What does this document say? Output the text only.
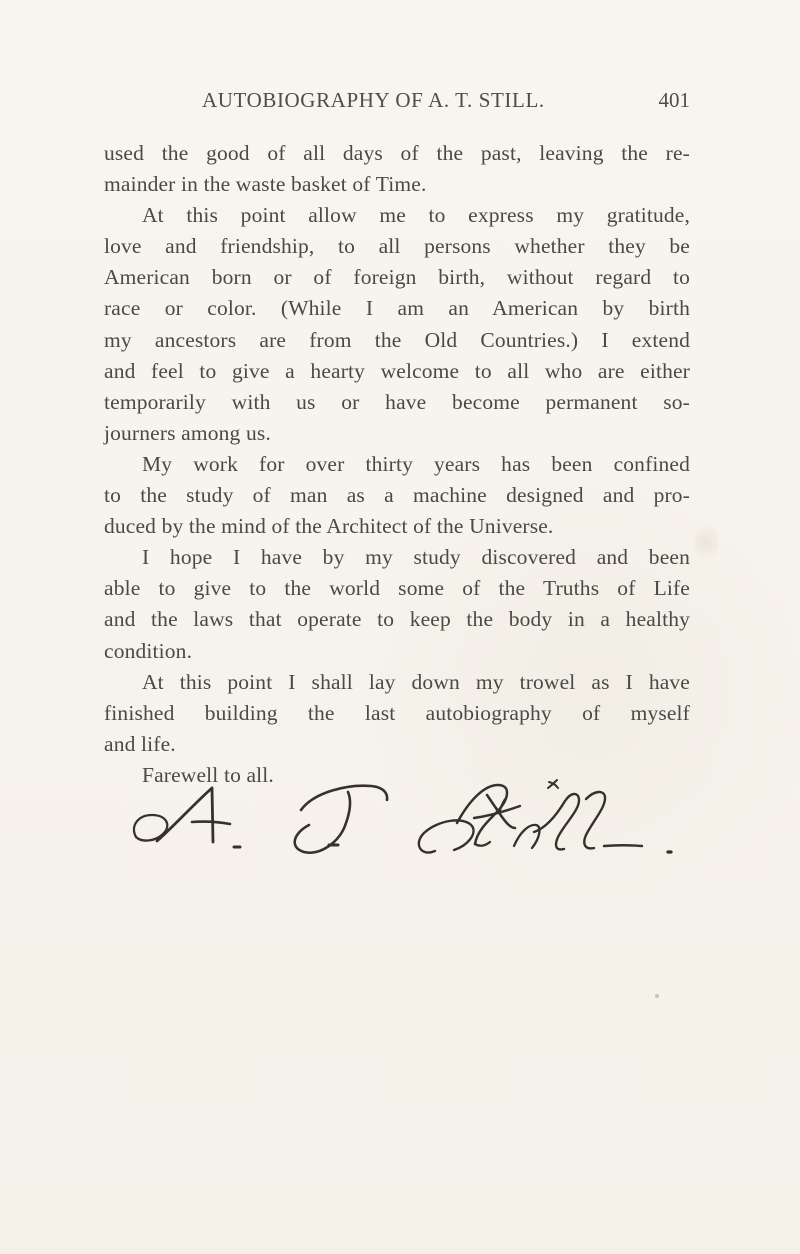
AUTOBIOGRAPHY OF A. T. STILL.	401
used the good of all days of the past, leaving the re-
mainder in the waste basket of Time.
At this point allow me to express my gratitude,
love and friendship, to all persons whether they be
American born or of foreign birth, without regard to
race or color. (While I am an American by birth
my ancestors are from the Old Countries.) I extend
and feel to give a hearty welcome to all who are either
temporarily with us or have become permanent so-
journers among us.
My work for over thirty years has been confined
to the study of man as a machine designed and pro-
duced by the mind of the Architect of the Universe.
I hope I have by my study discovered and been
able to give to the world some of the Truths of Life
and the laws that operate to keep the body in a healthy
condition.
At this point I shall lay down my trowel as I have
finished building the last autobiography of myself
and life.
Farewell to all.
